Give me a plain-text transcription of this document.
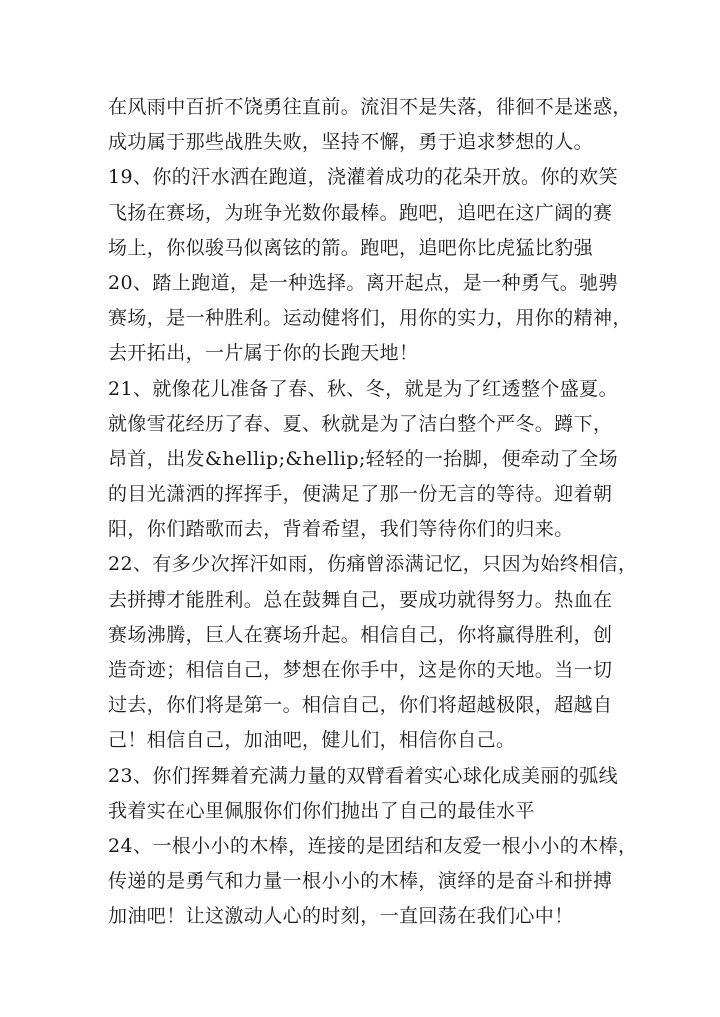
在风雨中百折不饶勇往直前。流泪不是失落，徘徊不是迷惑，
成功属于那些战胜失败，坚持不懈，勇于追求梦想的人。
19、你的汗水洒在跑道，浇灌着成功的花朵开放。你的欢笑
飞扬在赛场，为班争光数你最棒。跑吧，追吧在这广阔的赛
场上，你似骏马似离铉的箭。跑吧，追吧你比虎猛比豹强
20、踏上跑道，是一种选择。离开起点，是一种勇气。驰骋
赛场，是一种胜利。运动健将们，用你的实力，用你的精神，
去开拓出，一片属于你的长跑天地！
21、就像花儿准备了春、秋、冬，就是为了红透整个盛夏。
就像雪花经历了春、夏、秋就是为了洁白整个严冬。蹲下，
昂首，出发&hellip;&hellip;轻轻的一抬脚，便牵动了全场
的目光潇洒的挥挥手，便满足了那一份无言的等待。迎着朝
阳，你们踏歌而去，背着希望，我们等待你们的归来。
22、有多少次挥汗如雨，伤痛曾添满记忆，只因为始终相信，
去拼搏才能胜利。总在鼓舞自己，要成功就得努力。热血在
赛场沸腾，巨人在赛场升起。相信自己，你将赢得胜利，创
造奇迹；相信自己，梦想在你手中，这是你的天地。当一切
过去，你们将是第一。相信自己，你们将超越极限，超越自
己！相信自己，加油吧，健儿们，相信你自己。
23、你们挥舞着充满力量的双臂看着实心球化成美丽的弧线
我着实在心里佩服你们你们抛出了自己的最佳水平
24、一根小小的木棒，连接的是团结和友爱一根小小的木棒，
传递的是勇气和力量一根小小的木棒，演绎的是奋斗和拼搏
加油吧！让这激动人心的时刻，一直回荡在我们心中！
